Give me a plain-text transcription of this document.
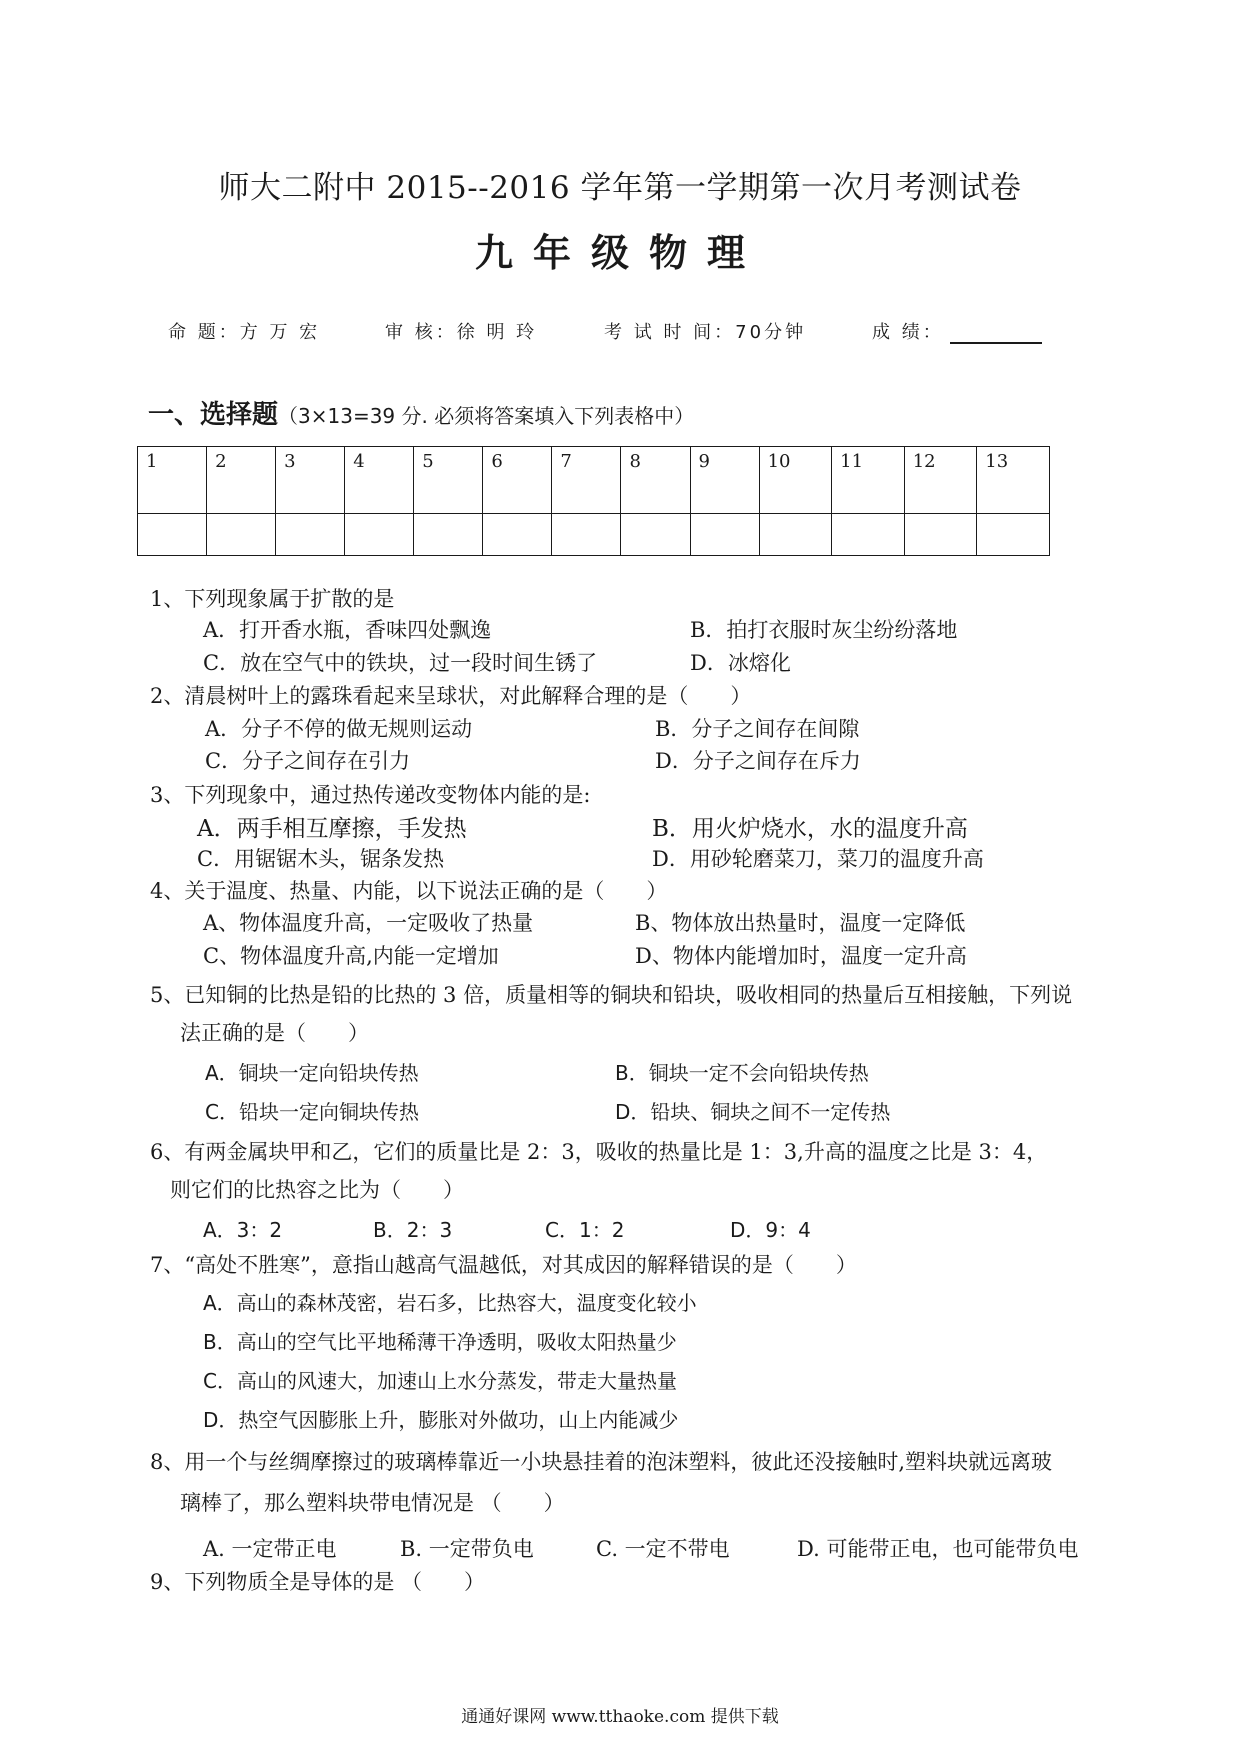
师大二附中 2015--2016 学年第一学期第一次月考测试卷
九年级物理
命 题：方 万 宏	审 核：徐 明 玲	考 试 时 间：70分钟	成 绩：
一、选择题（3×13=39 分. 必须将答案填入下列表格中）
1	2	3	4	5	6	7	8	9	10	11	12	13

1、下列现象属于扩散的是
A．打开香水瓶，香味四处飘逸	B．拍打衣服时灰尘纷纷落地
C．放在空气中的铁块，过一段时间生锈了	D．冰熔化
2、清晨树叶上的露珠看起来呈球状，对此解释合理的是（　　）
A．分子不停的做无规则运动	B．分子之间存在间隙
C．分子之间存在引力	D．分子之间存在斥力
3、下列现象中，通过热传递改变物体内能的是:
A．两手相互摩擦，手发热	B．用火炉烧水，水的温度升高
C．用锯锯木头，锯条发热	D．用砂轮磨菜刀，菜刀的温度升高
4、关于温度、热量、内能，以下说法正确的是（　　）
A、物体温度升高，一定吸收了热量	B、物体放出热量时，温度一定降低
C、物体温度升高,内能一定增加	D、物体内能增加时，温度一定升高
5、已知铜的比热是铅的比热的 3 倍，质量相等的铜块和铅块，吸收相同的热量后互相接触，下列说
法正确的是（　　）
A．铜块一定向铅块传热	B．铜块一定不会向铅块传热
C．铅块一定向铜块传热	D．铅块、铜块之间不一定传热
6、有两金属块甲和乙，它们的质量比是 2：3，吸收的热量比是 1：3,升高的温度之比是 3：4，
则它们的比热容之比为（　　）
A．3：2	B．2：3	C．1：2	D．9：4
7、“高处不胜寒”，意指山越高气温越低，对其成因的解释错误的是（　　）
A．高山的森林茂密，岩石多，比热容大，温度变化较小
B．高山的空气比平地稀薄干净透明，吸收太阳热量少
C．高山的风速大，加速山上水分蒸发，带走大量热量
D．热空气因膨胀上升，膨胀对外做功，山上内能减少
8、用一个与丝绸摩擦过的玻璃棒靠近一小块悬挂着的泡沫塑料，彼此还没接触时,塑料块就远离玻
璃棒了，那么塑料块带电情况是 （　　）
A. 一定带正电	B. 一定带负电	C. 一定不带电	D. 可能带正电，也可能带负电
9、下列物质全是导体的是 （　　）
通通好课网 www.tthaoke.com 提供下载
